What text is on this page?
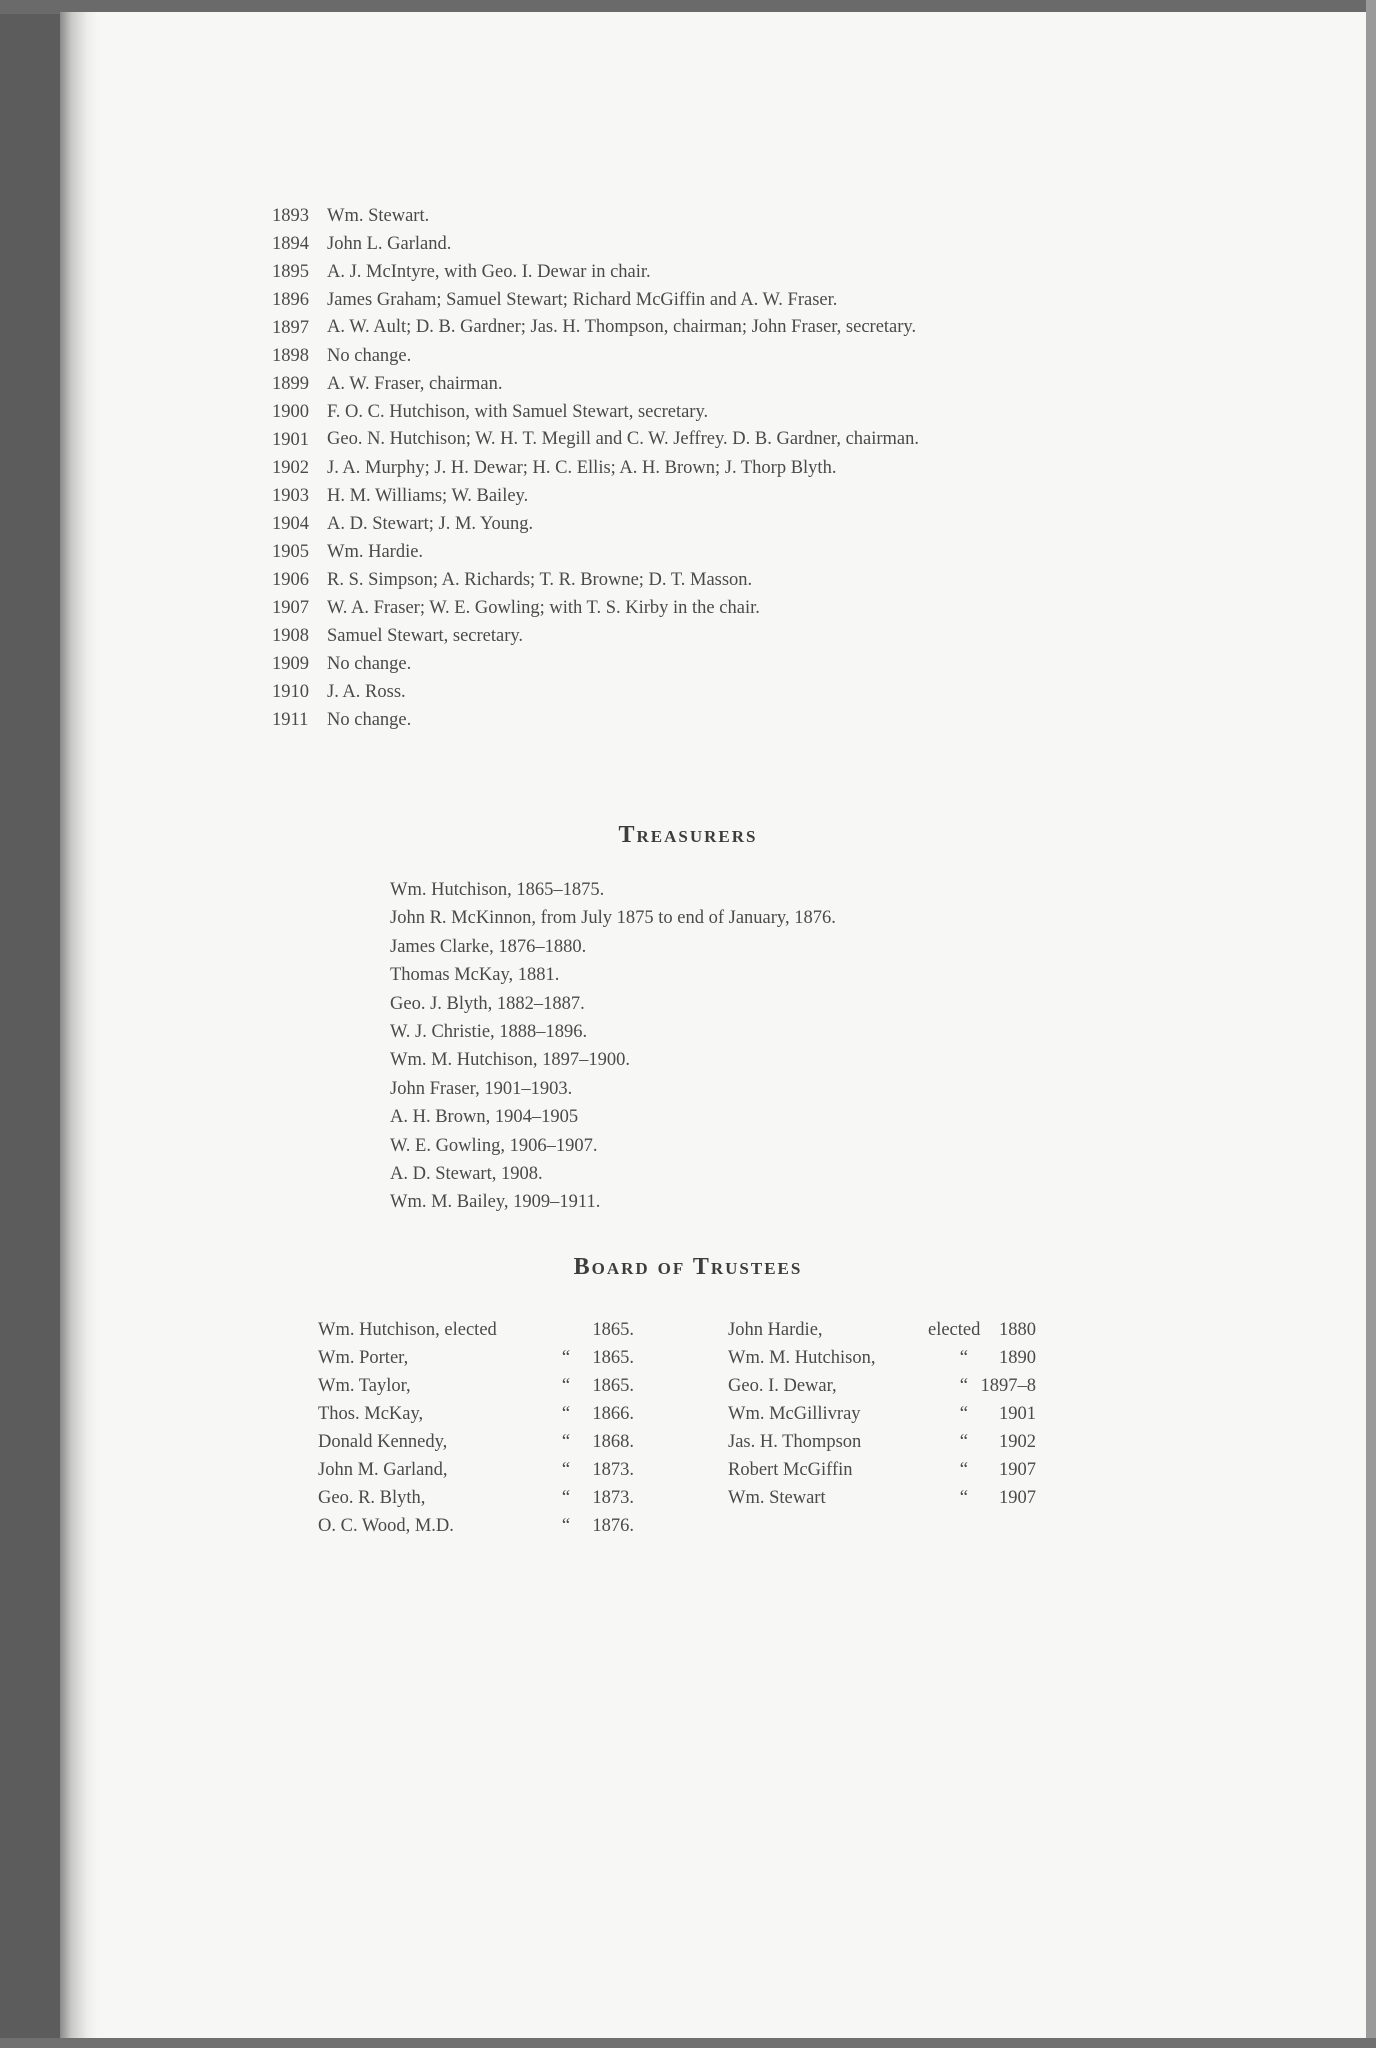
1893 Wm. Stewart.
1894 John L. Garland.
1895 A. J. McIntyre, with Geo. I. Dewar in chair.
1896 James Graham; Samuel Stewart; Richard McGiffin and A. W. Fraser.
1897 A. W. Ault; D. B. Gardner; Jas. H. Thompson, chairman; John Fraser, secretary.
1898 No change.
1899 A. W. Fraser, chairman.
1900 F. O. C. Hutchison, with Samuel Stewart, secretary.
1901 Geo. N. Hutchison; W. H. T. Megill and C. W. Jeffrey. D. B. Gardner, chairman.
1902 J. A. Murphy; J. H. Dewar; H. C. Ellis; A. H. Brown; J. Thorp Blyth.
1903 H. M. Williams; W. Bailey.
1904 A. D. Stewart; J. M. Young.
1905 Wm. Hardie.
1906 R. S. Simpson; A. Richards; T. R. Browne; D. T. Masson.
1907 W. A. Fraser; W. E. Gowling; with T. S. Kirby in the chair.
1908 Samuel Stewart, secretary.
1909 No change.
1910 J. A. Ross.
1911	No change.
Treasurers
Wm. Hutchison, 1865–1875.
John R. McKinnon, from July 1875 to end of January, 1876.
James Clarke, 1876–1880.
Thomas McKay, 1881.
Geo. J. Blyth, 1882–1887.
W. J. Christie, 1888–1896.
Wm. M. Hutchison, 1897–1900.
John Fraser, 1901–1903.
A. H. Brown, 1904–1905
W. E. Gowling, 1906–1907.
A. D. Stewart, 1908.
Wm. M. Bailey, 1909–1911.
Board of Trustees
Wm. Hutchison, elected	1865.
Wm. Porter,	“	1865.
Wm. Taylor,	“	1865.
Thos. McKay,	“	1866.
Donald Kennedy,	“	1868.
John M. Garland,	“	1873.
Geo. R. Blyth,	“	1873.
O. C. Wood, M.D.	“	1876.
John Hardie,	elected	1880
Wm. M. Hutchison,	“	1890
Geo. I. Dewar,	“ 1897–8
Wm. McGillivray	“	1901
Jas. H. Thompson	“	1902
Robert McGiffin	“	1907
Wm. Stewart	“	1907
